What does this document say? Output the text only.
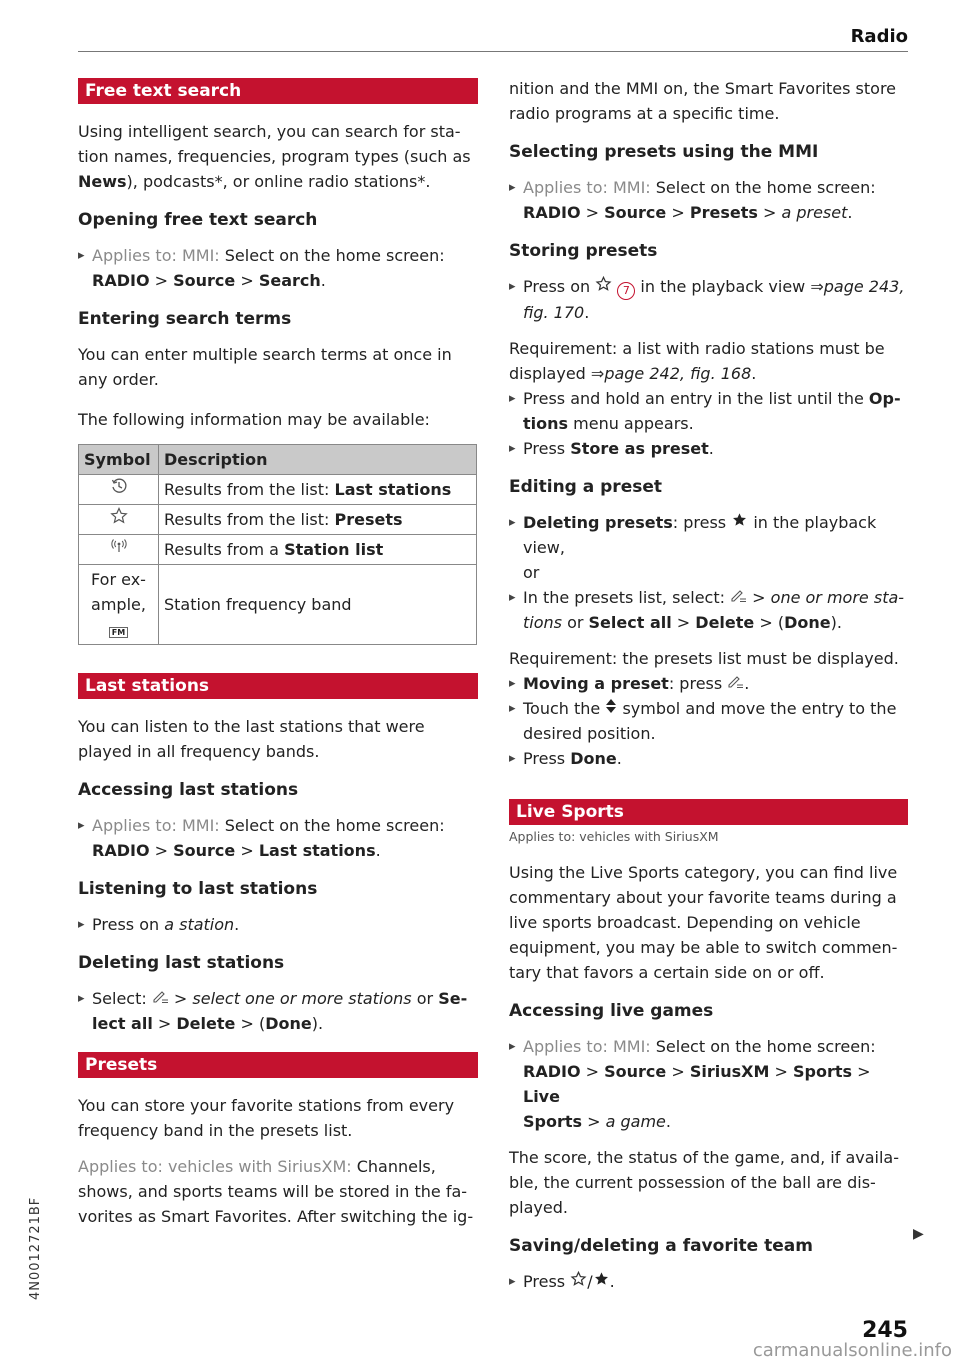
Radio
Free text search

Using intelligent search, you can search for sta-
tion names, frequencies, program types (such as
News), podcasts*, or online radio stations*.

Opening free text search

▸ Applies to: MMI: Select on the home screen:

RADIO > Source > Search.

Entering search terms

You can enter multiple search terms at once in
any order.

The following information may be available:

Symbol	Description
	Results from the list: Last stations
	Results from the list: Presets
	Results from a Station list
For ex-
ample,
FM	Station frequency band
Last stations

You can listen to the last stations that were
played in all frequency bands.

Accessing last stations

▸ Applies to: MMI: Select on the home screen:

RADIO > Source > Last stations.

Listening to last stations

▸ Press on a station.

Deleting last stations

▸ Select:  > select one or more stations or Se-

lect all > Delete > (Done).

Presets

You can store your favorite stations from every
frequency band in the presets list.

Applies to: vehicles with SiriusXM: Channels,
shows, and sports teams will be stored in the fa-
vorites as Smart Favorites. After switching the ig-

nition and the MMI on, the Smart Favorites store
radio programs at a specific time.

Selecting presets using the MMI

▸ Applies to: MMI: Select on the home screen:

RADIO > Source > Presets > a preset.

Storing presets

▸ Press on	7 in the playback view ⇒page 243,

fig. 170.

Requirement: a list with radio stations must be
displayed ⇒page 242, fig. 168.

▸ Press and hold an entry in the list until the Op-

tions menu appears.

▸ Press Store as preset.

Editing a preset

▸ Deleting presets: press  in the playback view,

or

▸ In the presets list, select:  > one or more sta-

tions or Select all > Delete > (Done).

Requirement: the presets list must be displayed.

▸ Moving a preset: press .

▸ Touch the  symbol and move the entry to the

desired position.

▸ Press Done.

Live Sports

Applies to: vehicles with SiriusXM

Using the Live Sports category, you can find live
commentary about your favorite teams during a
live sports broadcast. Depending on vehicle
equipment, you may be able to switch commen-
tary that favors a certain side on or off.

Accessing live games

▸ Applies to: MMI: Select on the home screen:

RADIO > Source > SiriusXM > Sports > Live

Sports > a game.

The score, the status of the game, and, if availa-
ble, the current possession of the ball are dis-
played.

Saving/deleting a favorite team

▸ Press / .

▶
4N0012721BF
245
carmanualsonline.info
